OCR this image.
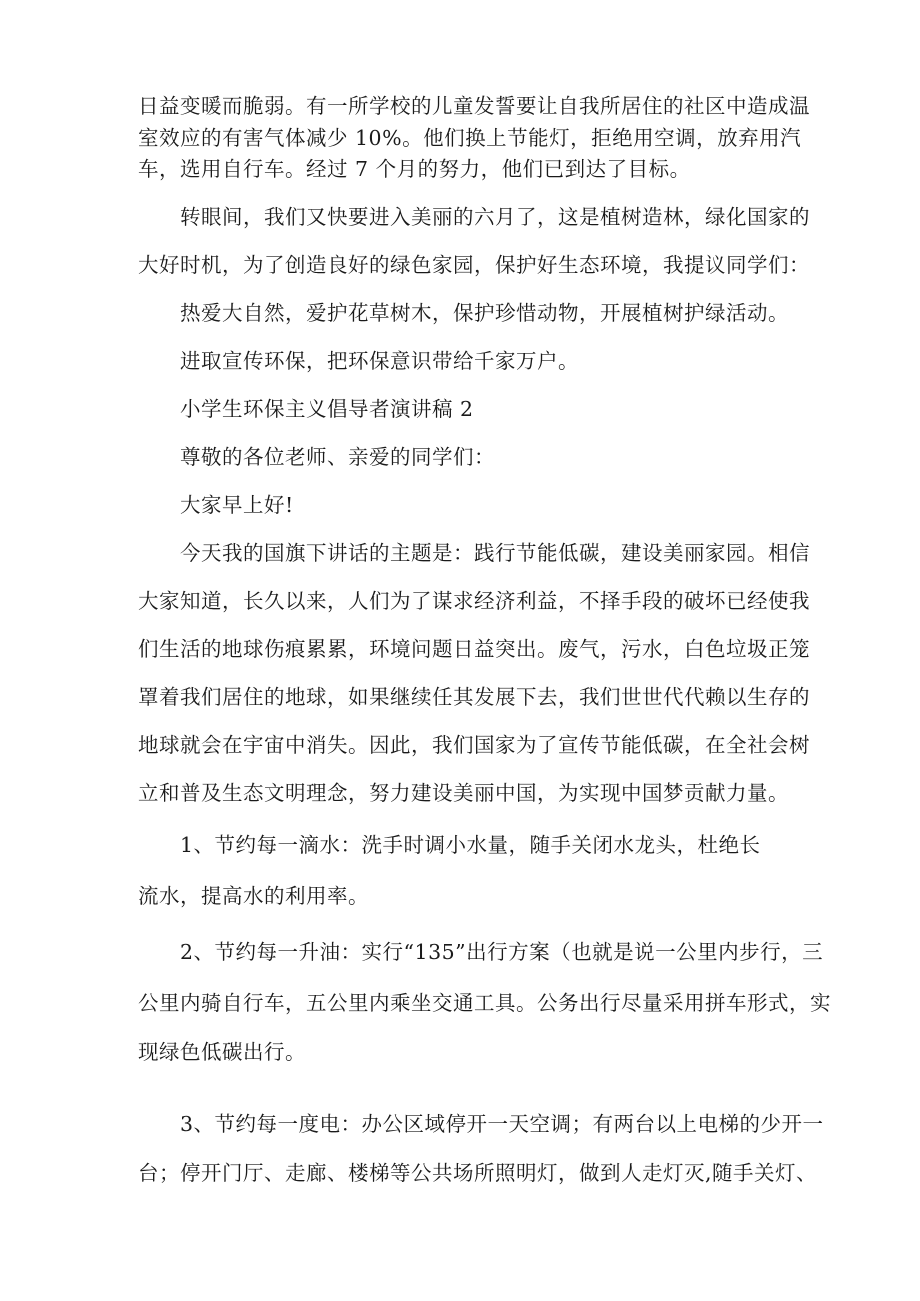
日益变暖而脆弱。有一所学校的儿童发誓要让自我所居住的社区中造成温
室效应的有害气体减少 10%。他们换上节能灯，拒绝用空调，放弃用汽
车，选用自行车。经过 7 个月的努力，他们已到达了目标。
转眼间，我们又快要进入美丽的六月了，这是植树造林，绿化国家的
大好时机，为了创造良好的绿色家园，保护好生态环境，我提议同学们：
热爱大自然，爱护花草树木，保护珍惜动物，开展植树护绿活动。
进取宣传环保，把环保意识带给千家万户。
小学生环保主义倡导者演讲稿 2
尊敬的各位老师、亲爱的同学们：
大家早上好!
今天我的国旗下讲话的主题是：践行节能低碳，建设美丽家园。相信
大家知道，长久以来，人们为了谋求经济利益，不择手段的破坏已经使我
们生活的地球伤痕累累，环境问题日益突出。废气，污水，白色垃圾正笼
罩着我们居住的地球，如果继续任其发展下去，我们世世代代赖以生存的
地球就会在宇宙中消失。因此，我们国家为了宣传节能低碳，在全社会树
立和普及生态文明理念，努力建设美丽中国，为实现中国梦贡献力量。
1、节约每一滴水：洗手时调小水量，随手关闭水龙头，杜绝长
流水，提高水的利用率。
2、节约每一升油：实行“135”出行方案（也就是说一公里内步行，三
公里内骑自行车，五公里内乘坐交通工具。公务出行尽量采用拼车形式，实
现绿色低碳出行。
3、节约每一度电：办公区域停开一天空调；有两台以上电梯的少开一
台；停开门厅、走廊、楼梯等公共场所照明灯，做到人走灯灭,随手关灯、
